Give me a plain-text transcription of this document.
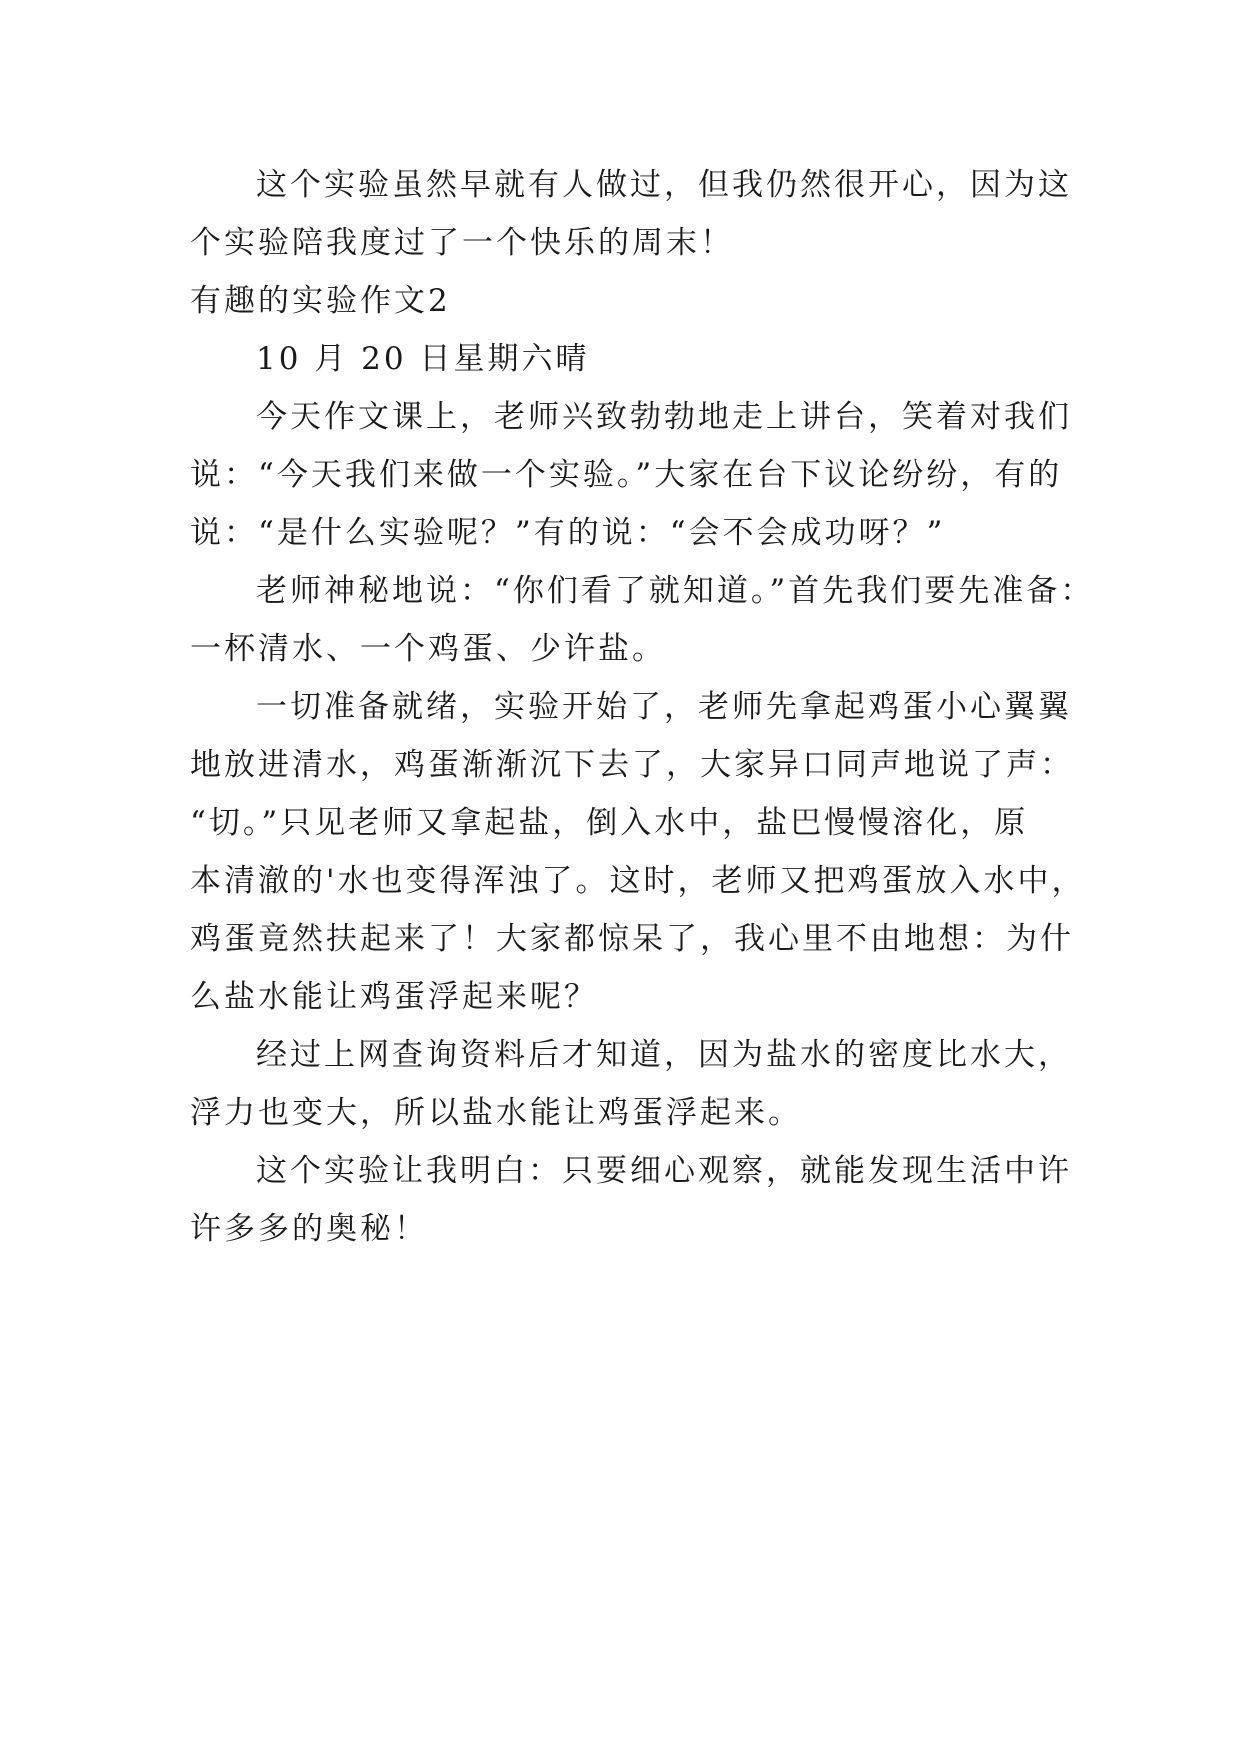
这个实验虽然早就有人做过，但我仍然很开心，因为这
个实验陪我度过了一个快乐的周末！
有趣的实验作文2
10 月 20 日星期六晴
今天作文课上，老师兴致勃勃地走上讲台，笑着对我们
说：“今天我们来做一个实验。”大家在台下议论纷纷，有的
说：“是什么实验呢？”有的说：“会不会成功呀？”
老师神秘地说：“你们看了就知道。”首先我们要先准备：
一杯清水、一个鸡蛋、少许盐。
一切准备就绪，实验开始了，老师先拿起鸡蛋小心翼翼
地放进清水，鸡蛋渐渐沉下去了，大家异口同声地说了声：
“切。”只见老师又拿起盐，倒入水中，盐巴慢慢溶化，原
本清澈的'水也变得浑浊了。这时，老师又把鸡蛋放入水中，
鸡蛋竟然扶起来了！大家都惊呆了，我心里不由地想：为什
么盐水能让鸡蛋浮起来呢？
经过上网查询资料后才知道，因为盐水的密度比水大，
浮力也变大，所以盐水能让鸡蛋浮起来。
这个实验让我明白：只要细心观察，就能发现生活中许
许多多的奥秘！
